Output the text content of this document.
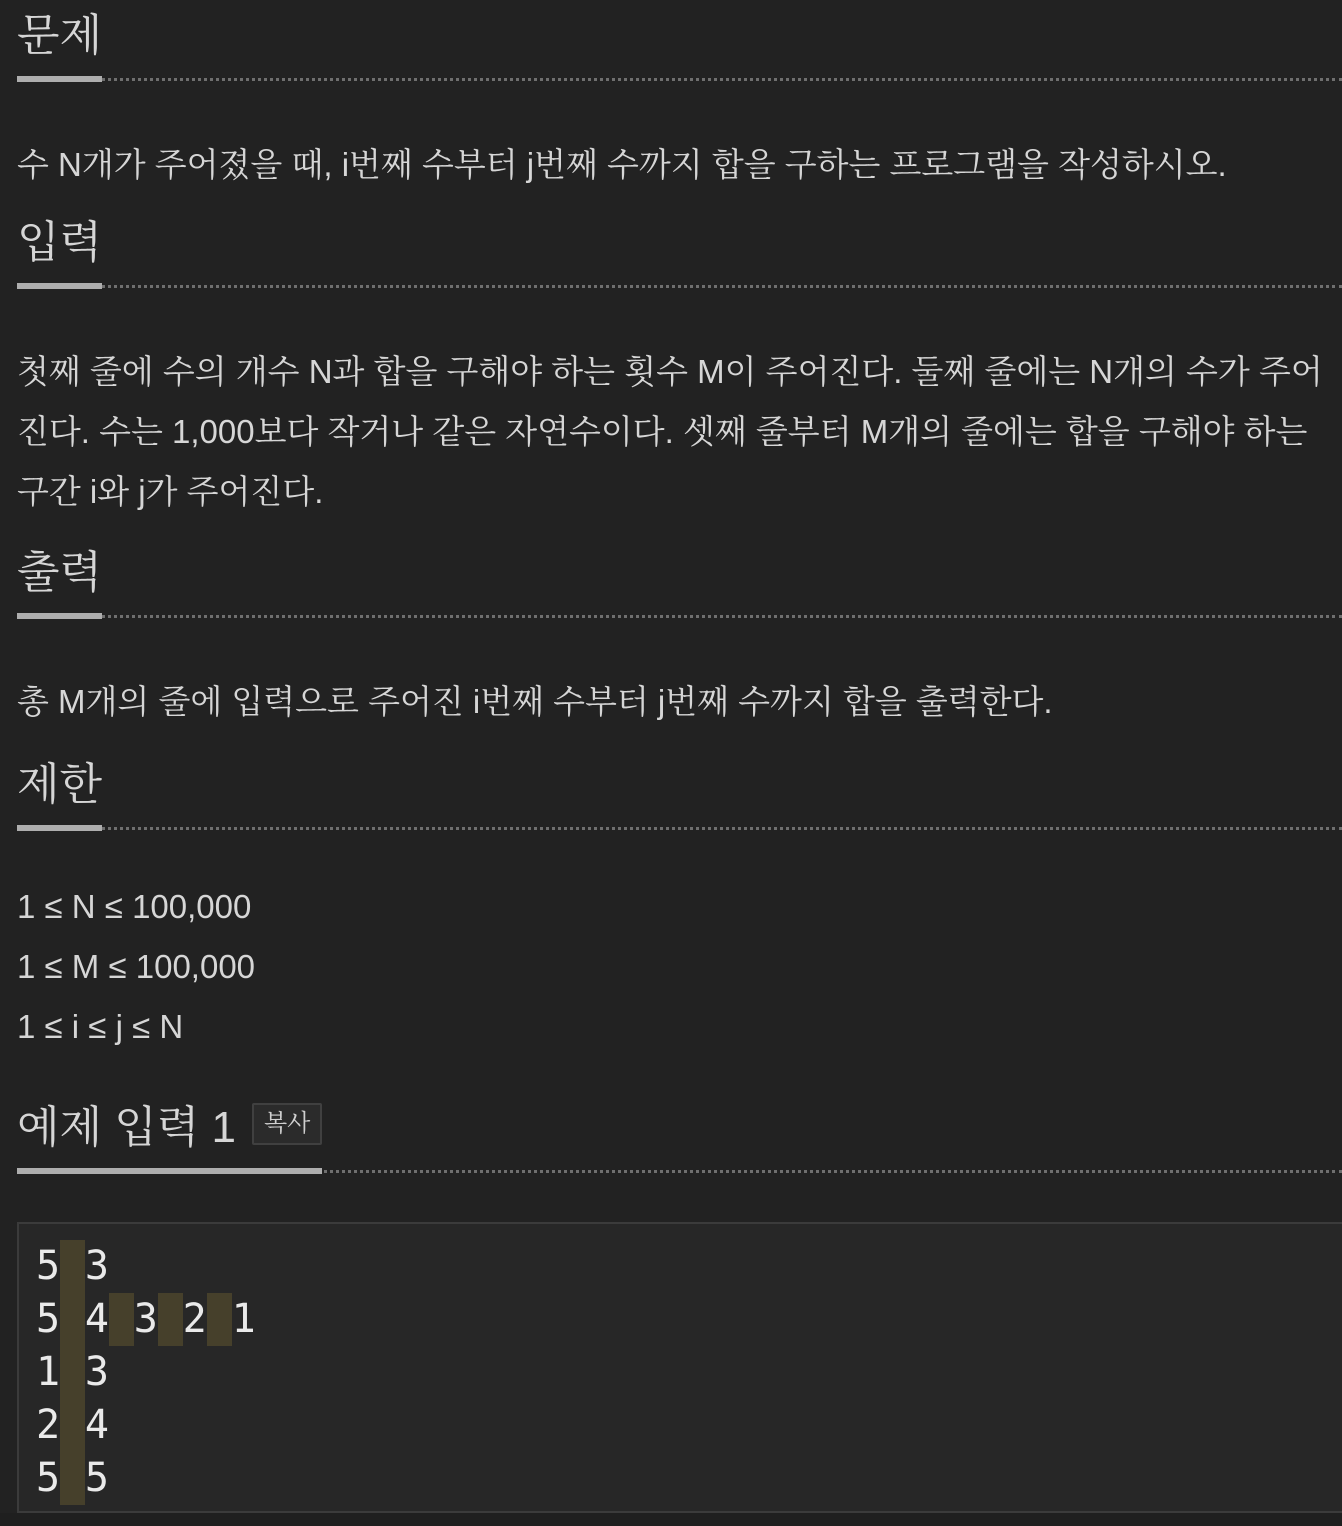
문제

수 N개가 주어졌을 때, i번째 수부터 j번째 수까지 합을 구하는 프로그램을 작성하시오.

입력

첫째 줄에 수의 개수 N과 합을 구해야 하는 횟수 M이 주어진다. 둘째 줄에는 N개의 수가 주어진다. 수는 1,000보다 작거나 같은 자연수이다. 셋째 줄부터 M개의 줄에는 합을 구해야 하는 구간 i와 j가 주어진다.

출력

총 M개의 줄에 입력으로 주어진 i번째 수부터 j번째 수까지 합을 출력한다.

제한
1 ≤ N ≤ 100,000
1 ≤ M ≤ 100,000
1 ≤ i ≤ j ≤ N
예제 입력 1 복사
5 3
5 4 3 2 1
1 3
2 4
5 5
